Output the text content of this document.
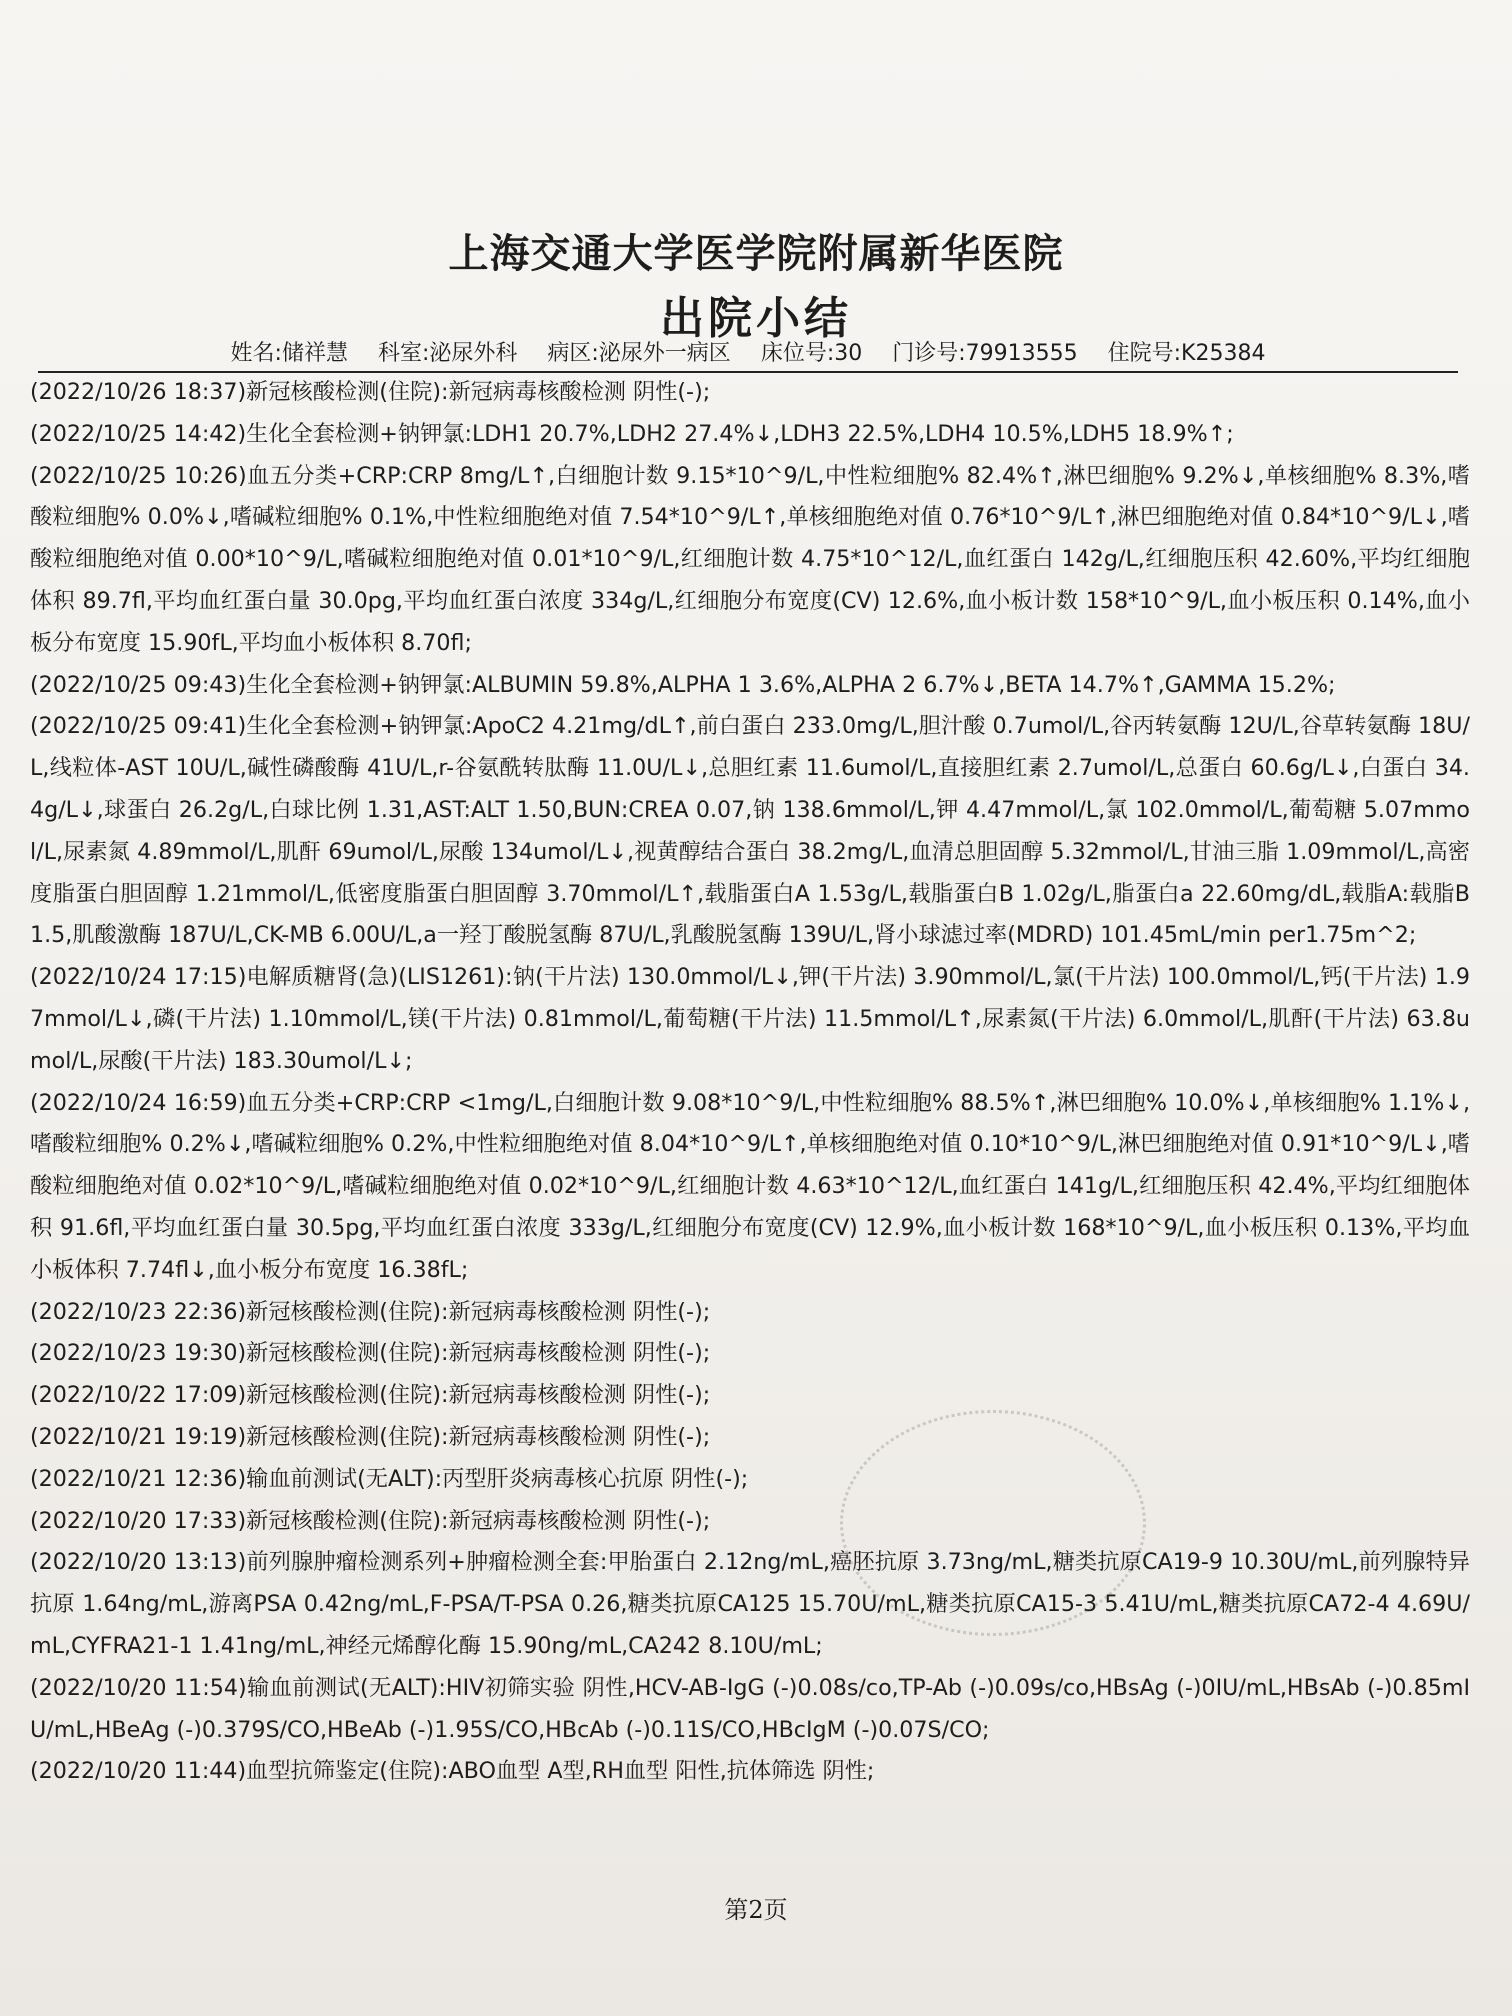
上海交通大学医学院附属新华医院
出院小结
姓名:储祥慧 科室:泌尿外科 病区:泌尿外一病区 床位号:30 门诊号:79913555 住院号:K25384

(2022/10/26 18:37)新冠核酸检测(住院):新冠病毒核酸检测 阴性(-);

(2022/10/25 14:42)生化全套检测+钠钾氯:LDH1 20.7%,LDH2 27.4%↓,LDH3 22.5%,LDH4 10.5%,LDH5 18.9%↑;

(2022/10/25 10:26)血五分类+CRP:CRP 8mg/L↑,白细胞计数 9.15*10^9/L,中性粒细胞% 82.4%↑,淋巴细胞% 9.2%↓,单核细胞% 8.3%,嗜酸粒细胞% 0.0%↓,嗜碱粒细胞% 0.1%,中性粒细胞绝对值 7.54*10^9/L↑,单核细胞绝对值 0.76*10^9/L↑,淋巴细胞绝对值 0.84*10^9/L↓,嗜酸粒细胞绝对值 0.00*10^9/L,嗜碱粒细胞绝对值 0.01*10^9/L,红细胞计数 4.75*10^12/L,血红蛋白 142g/L,红细胞压积 42.60%,平均红细胞体积 89.7fl,平均血红蛋白量 30.0pg,平均血红蛋白浓度 334g/L,红细胞分布宽度(CV) 12.6%,血小板计数 158*10^9/L,血小板压积 0.14%,血小板分布宽度 15.90fL,平均血小板体积 8.70fl;

(2022/10/25 09:43)生化全套检测+钠钾氯:ALBUMIN 59.8%,ALPHA 1 3.6%,ALPHA 2 6.7%↓,BETA 14.7%↑,GAMMA 15.2%;

(2022/10/25 09:41)生化全套检测+钠钾氯:ApoC2 4.21mg/dL↑,前白蛋白 233.0mg/L,胆汁酸 0.7umol/L,谷丙转氨酶 12U/L,谷草转氨酶 18U/L,线粒体-AST 10U/L,碱性磷酸酶 41U/L,r-谷氨酰转肽酶 11.0U/L↓,总胆红素 11.6umol/L,直接胆红素 2.7umol/L,总蛋白 60.6g/L↓,白蛋白 34.4g/L↓,球蛋白 26.2g/L,白球比例 1.31,AST:ALT 1.50,BUN:CREA 0.07,钠 138.6mmol/L,钾 4.47mmol/L,氯 102.0mmol/L,葡萄糖 5.07mmol/L,尿素氮 4.89mmol/L,肌酐 69umol/L,尿酸 134umol/L↓,视黄醇结合蛋白 38.2mg/L,血清总胆固醇 5.32mmol/L,甘油三脂 1.09mmol/L,高密度脂蛋白胆固醇 1.21mmol/L,低密度脂蛋白胆固醇 3.70mmol/L↑,载脂蛋白A 1.53g/L,载脂蛋白B 1.02g/L,脂蛋白a 22.60mg/dL,载脂A:载脂B 1.5,肌酸激酶 187U/L,CK-MB 6.00U/L,a一羟丁酸脱氢酶 87U/L,乳酸脱氢酶 139U/L,肾小球滤过率(MDRD) 101.45mL/min per1.75m^2;

(2022/10/24 17:15)电解质糖肾(急)(LIS1261):钠(干片法) 130.0mmol/L↓,钾(干片法) 3.90mmol/L,氯(干片法) 100.0mmol/L,钙(干片法) 1.97mmol/L↓,磷(干片法) 1.10mmol/L,镁(干片法) 0.81mmol/L,葡萄糖(干片法) 11.5mmol/L↑,尿素氮(干片法) 6.0mmol/L,肌酐(干片法) 63.8umol/L,尿酸(干片法) 183.30umol/L↓;

(2022/10/24 16:59)血五分类+CRP:CRP <1mg/L,白细胞计数 9.08*10^9/L,中性粒细胞% 88.5%↑,淋巴细胞% 10.0%↓,单核细胞% 1.1%↓,嗜酸粒细胞% 0.2%↓,嗜碱粒细胞% 0.2%,中性粒细胞绝对值 8.04*10^9/L↑,单核细胞绝对值 0.10*10^9/L,淋巴细胞绝对值 0.91*10^9/L↓,嗜酸粒细胞绝对值 0.02*10^9/L,嗜碱粒细胞绝对值 0.02*10^9/L,红细胞计数 4.63*10^12/L,血红蛋白 141g/L,红细胞压积 42.4%,平均红细胞体积 91.6fl,平均血红蛋白量 30.5pg,平均血红蛋白浓度 333g/L,红细胞分布宽度(CV) 12.9%,血小板计数 168*10^9/L,血小板压积 0.13%,平均血小板体积 7.74fl↓,血小板分布宽度 16.38fL;

(2022/10/23 22:36)新冠核酸检测(住院):新冠病毒核酸检测 阴性(-);

(2022/10/23 19:30)新冠核酸检测(住院):新冠病毒核酸检测 阴性(-);

(2022/10/22 17:09)新冠核酸检测(住院):新冠病毒核酸检测 阴性(-);

(2022/10/21 19:19)新冠核酸检测(住院):新冠病毒核酸检测 阴性(-);

(2022/10/21 12:36)输血前测试(无ALT):丙型肝炎病毒核心抗原 阴性(-);

(2022/10/20 17:33)新冠核酸检测(住院):新冠病毒核酸检测 阴性(-);

(2022/10/20 13:13)前列腺肿瘤检测系列+肿瘤检测全套:甲胎蛋白 2.12ng/mL,癌胚抗原 3.73ng/mL,糖类抗原CA19-9 10.30U/mL,前列腺特异抗原 1.64ng/mL,游离PSA 0.42ng/mL,F-PSA/T-PSA 0.26,糖类抗原CA125 15.70U/mL,糖类抗原CA15-3 5.41U/mL,糖类抗原CA72-4 4.69U/mL,CYFRA21-1 1.41ng/mL,神经元烯醇化酶 15.90ng/mL,CA242 8.10U/mL;

(2022/10/20 11:54)输血前测试(无ALT):HIV初筛实验 阴性,HCV-AB-IgG (-)0.08s/co,TP-Ab (-)0.09s/co,HBsAg (-)0IU/mL,HBsAb (-)0.85mIU/mL,HBeAg (-)0.379S/CO,HBeAb (-)1.95S/CO,HBcAb (-)0.11S/CO,HBcIgM (-)0.07S/CO;

(2022/10/20 11:44)血型抗筛鉴定(住院):ABO血型 A型,RH血型 阳性,抗体筛选 阴性;

第2页
